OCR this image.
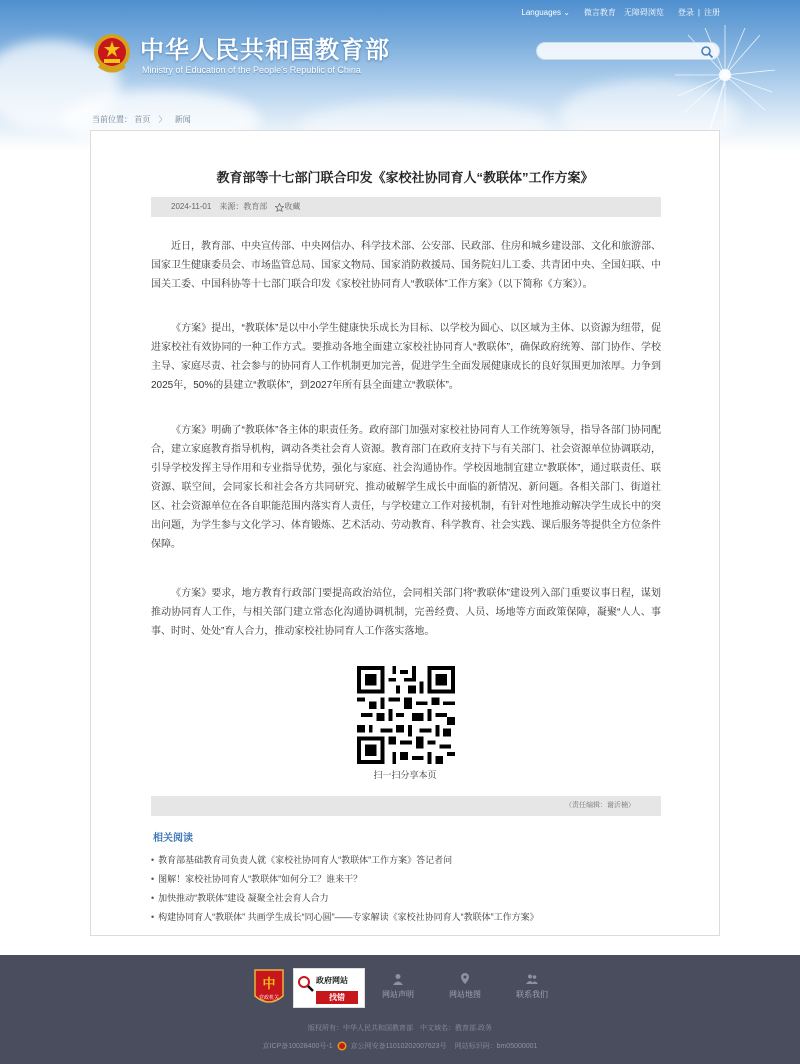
中华人民共和国教育部
Ministry of Education of the People's Republic of China
Languages ⌄ 微言教育 无障碍浏览 登录 | 注册
当前位置： 首页 〉 新闻
教育部等十七部门联合印发《家校社协同育人“教联体”工作方案》
2024-11-01 来源：教育部 收藏

近日，教育部、中央宣传部、中央网信办、科学技术部、公安部、民政部、住房和城乡建设部、文化和旅游部、国家卫生健康委员会、市场监管总局、国家文物局、国家消防救援局、国务院妇儿工委、共青团中央、全国妇联、中国关工委、中国科协等十七部门联合印发《家校社协同育人“教联体”工作方案》（以下简称《方案》）。

《方案》提出，“教联体”是以中小学生健康快乐成长为目标、以学校为圆心、以区域为主体、以资源为纽带，促进家校社有效协同的一种工作方式。要推动各地全面建立家校社协同育人“教联体”，确保政府统筹、部门协作、学校主导、家庭尽责、社会参与的协同育人工作机制更加完善，促进学生全面发展健康成长的良好氛围更加浓厚。力争到2025年，50%的县建立“教联体”，到2027年所有县全面建立“教联体”。

《方案》明确了“教联体”各主体的职责任务。政府部门加强对家校社协同育人工作统筹领导，指导各部门协同配合，建立家庭教育指导机构，调动各类社会育人资源。教育部门在政府支持下与有关部门、社会资源单位协调联动，引导学校发挥主导作用和专业指导优势，强化与家庭、社会沟通协作。学校因地制宜建立“教联体”，通过联责任、联资源、联空间，会同家长和社会各方共同研究、推动破解学生成长中面临的新情况、新问题。各相关部门、街道社区、社会资源单位在各自职能范围内落实育人责任，与学校建立工作对接机制，有针对性地推动解决学生成长中的突出问题，为学生参与文化学习、体育锻炼、艺术活动、劳动教育、科学教育、社会实践、课后服务等提供全方位条件保障。

《方案》要求，地方教育行政部门要提高政治站位，会同相关部门将“教联体”建设列入部门重要议事日程，谋划推动协同育人工作，与相关部门建立常态化沟通协调机制，完善经费、人员、场地等方面政策保障，凝聚“人人、事事、时时、处处”育人合力，推动家校社协同育人工作落实落地。

扫一扫分享本页
（责任编辑：谢沂楠）
相关阅读
• 教育部基础教育司负责人就《家校社协同育人“教联体”工作方案》答记者问
• 图解！家校社协同育人“教联体”如何分工？谁来干？
• 加快推动“教联体”建设 凝聚全社会育人合力
• 构建协同育人“教联体” 共画学生成长“同心圆”——专家解读《家校社协同育人“教联体”工作方案》
中
党政机关
政府网站
找错	网站声明	网站地图	联系我们
版权所有：中华人民共和国教育部　中文域名：教育部.政务
京ICP备10028400号-1	京公网安备11010202007623号 网站标识码：bm05000001
